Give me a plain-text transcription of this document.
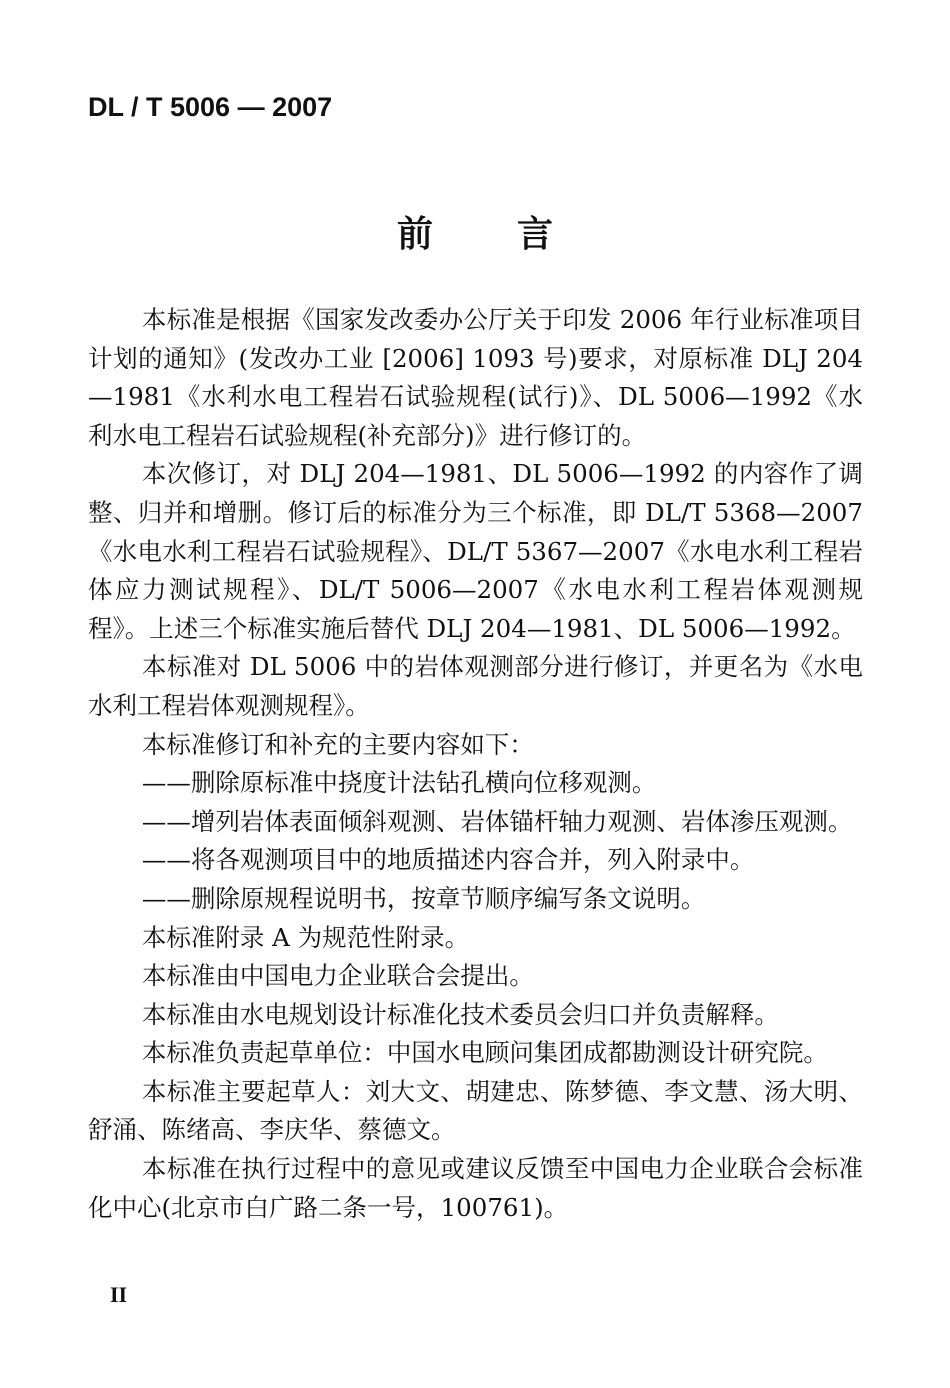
DL / T 5006 — 2007
前 言

本标准是根据《国家发改委办公厅关于印发 2006 年行业标准项目计划的通知》(发改办工业 [2006] 1093 号)要求，对原标准 DLJ 204—1981《水利水电工程岩石试验规程(试行)》、DL 5006—1992《水利水电工程岩石试验规程(补充部分)》进行修订的。

本次修订，对 DLJ 204—1981、DL 5006—1992 的内容作了调整、归并和增删。修订后的标准分为三个标准，即 DL/T 5368—2007《水电水利工程岩石试验规程》、DL/T 5367—2007《水电水利工程岩体应力测试规程》、DL/T 5006—2007《水电水利工程岩体观测规程》。上述三个标准实施后替代 DLJ 204—1981、DL 5006—1992。

本标准对 DL 5006 中的岩体观测部分进行修订，并更名为《水电水利工程岩体观测规程》。

本标准修订和补充的主要内容如下：

——删除原标准中挠度计法钻孔横向位移观测。

——增列岩体表面倾斜观测、岩体锚杆轴力观测、岩体渗压观测。

——将各观测项目中的地质描述内容合并，列入附录中。

——删除原规程说明书，按章节顺序编写条文说明。

本标准附录 A 为规范性附录。

本标准由中国电力企业联合会提出。

本标准由水电规划设计标准化技术委员会归口并负责解释。

本标准负责起草单位：中国水电顾问集团成都勘测设计研究院。

本标准主要起草人：刘大文、胡建忠、陈梦德、李文慧、汤大明、舒涌、陈绪高、李庆华、蔡德文。

本标准在执行过程中的意见或建议反馈至中国电力企业联合会标准化中心(北京市白广路二条一号，100761)。

II
